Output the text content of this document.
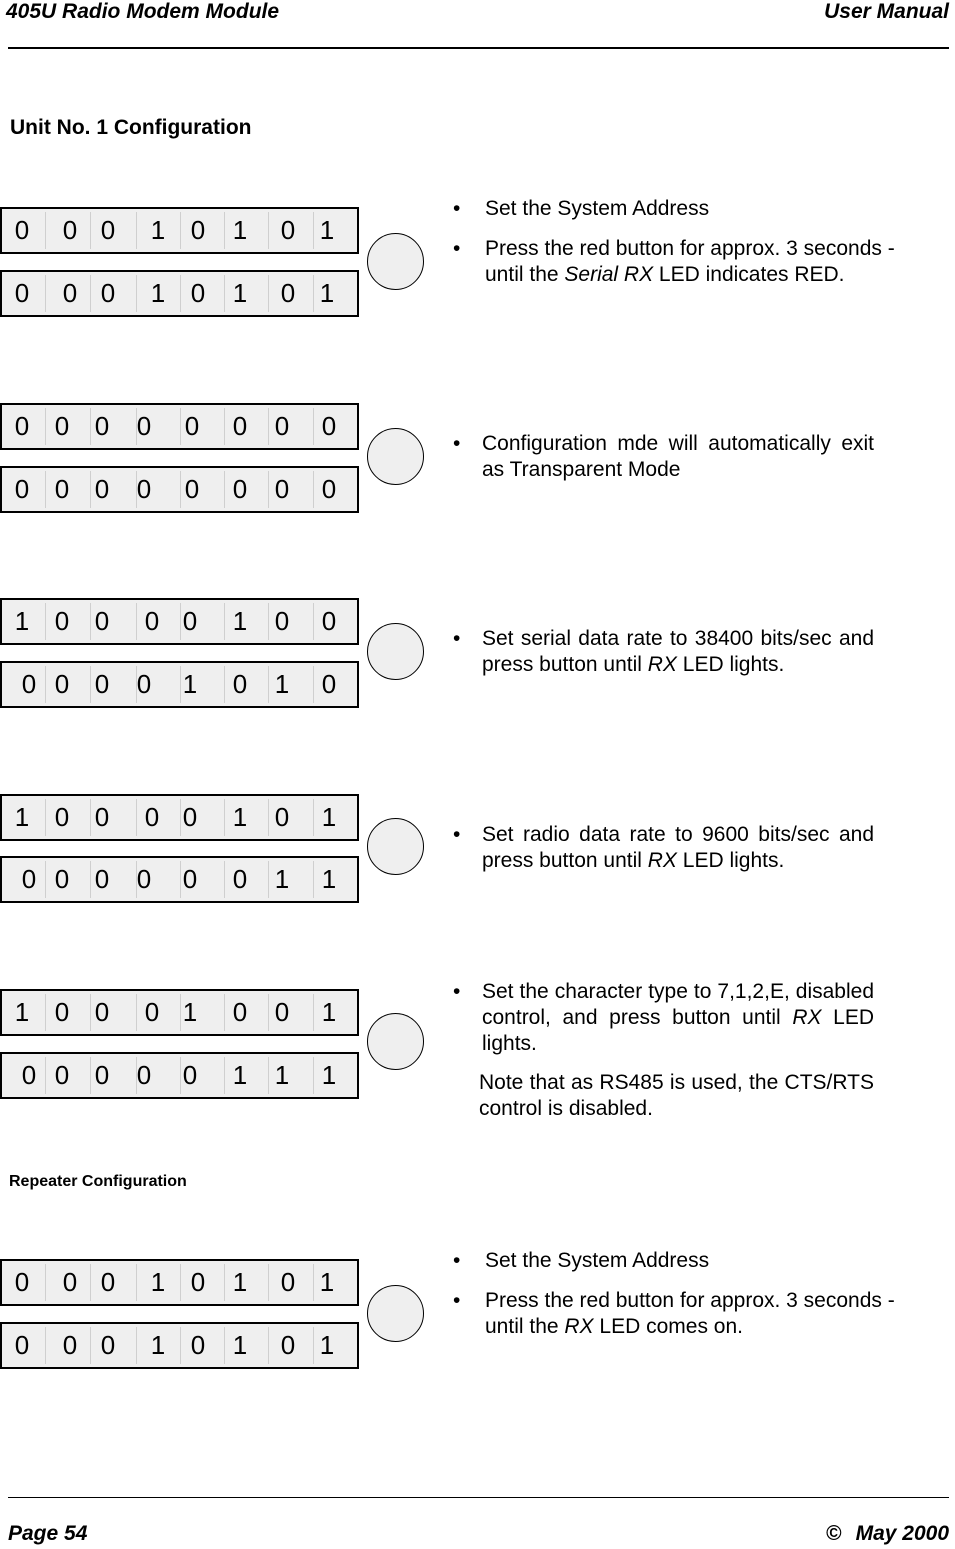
405U Radio Modem Module	User Manual
Unit No. 1 Configuration
Repeater Configuration
0	0 0	1 0	1	0 1
0	0 0	1 0	1	0 1
• Set the System Address
• Press the red button for approx. 3 seconds - until the Serial RX LED indicates RED.
0 0 0	0	0	0	0	0
0 0 0	0	0	0	0	0
• Configuration mde will automatically exit as Transparent Mode
1 0 0	0 0	1	0	0
0 0 0	0	1	0	1	0
• Set serial data rate to 38400 bits/sec and press button until RX LED lights.
1 0 0	0 0	1	0	1
0 0 0	0	0	0	1	1
• Set radio data rate to 9600 bits/sec and press button until RX LED lights.
1 0 0	0 1	0	0	1
0 0 0	0	0	1	1	1
• Set the character type to 7,1,2,E, disabled control, and press button until RX LED lights.
Note that as RS485 is used, the CTS/RTS control is disabled.
0	0 0	1 0	1	0 1
0	0 0	1 0	1	0 1
• Set the System Address
• Press the red button for approx. 3 seconds - until the RX LED comes on.
Page 54	© May 2000
